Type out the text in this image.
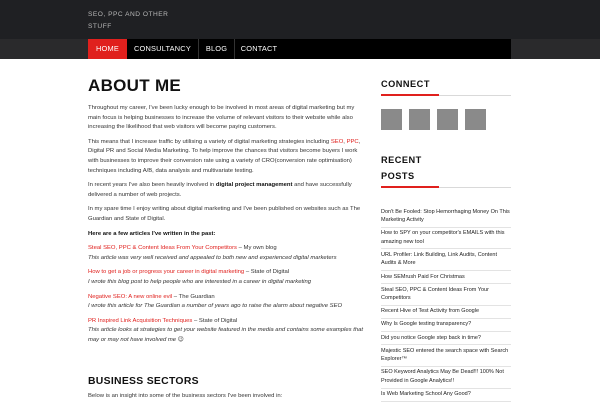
SEO, PPC AND OTHER STUFF
HOME	CONSULTANCY	BLOG	CONTACT
ABOUT ME

Throughout my career, I've been lucky enough to be involved in most areas of digital marketing but my main focus is helping businesses to increase the volume of relevant visitors to their website while also increasing the likelihood that web visitors will become paying customers.

This means that I increase traffic by utilising a variety of digital marketing strategies including SEO, PPC, Digital PR and Social Media Marketing. To help improve the chances that visitors become buyers I work with businesses to improve their conversion rate using a variety of CRO(conversion rate optimisation) techniques including A/B, data analysis and multivariate testing.

In recent years I've also been heavily involved in digital project management and have successfully delivered a number of web projects.

In my spare time I enjoy writing about digital marketing and I've been published on websites such as The Guardian and State of Digital.

Here are a few articles I've written in the past:

Steal SEO, PPC & Content Ideas From Your Competitors – My own blog

This article was very well received and appealed to both new and experienced digital marketers

How to get a job or progress your career in digital marketing – State of Digital

I wrote this blog post to help people who are interested in a career in digital marketing

Negative SEO: A new online evil – The Guardian

I wrote this article for The Guardian a number of years ago to raise the alarm about negative SEO

PR Inspired Link Acquisition Techniques – State of Digital

This article looks at strategies to get your website featured in the media and contains some examples that may or may not have involved me 😉

BUSINESS SECTORS
Below is an insight into some of the business sectors I've been involved in:
CONNECT
RECENT
POSTS
Don't Be Fooled: Stop Hemorrhaging Money On This Marketing Activity
How to SPY on your competitor's EMAILS with this amazing new tool
URL Profiler: Link Building, Link Audits, Content Audits & More
How SEMrush Paid For Christmas
Steal SEO, PPC & Content Ideas From Your Competitors
Recent Hive of Test Activity from Google
Why Is Google testing transparency?
Did you notice Google step back in time?
Majestic SEO entered the search space with Search Explorer™
SEO Keyword Analytics May Be Dead!!! 100% Not Provided in Google Analytics!!
Is Web Marketing School Any Good?
